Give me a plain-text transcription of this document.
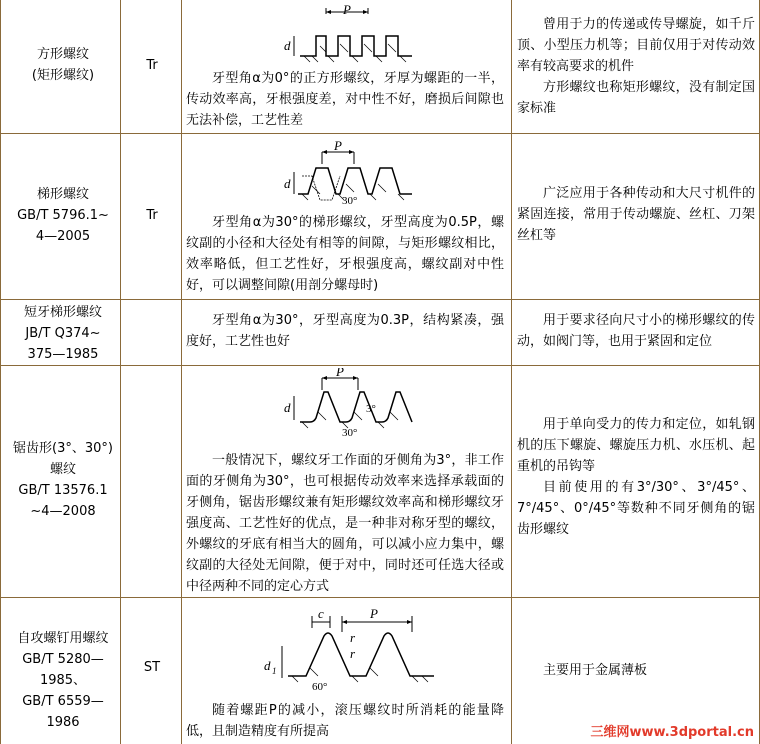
方形螺纹
(矩形螺纹)
Tr
P
d

牙型角α为0°的正方形螺纹，牙厚为螺距的一半，传动效率高，牙根强度差，对中性不好，磨损后间隙也无法补偿，工艺性差

曾用于力的传递或传导螺旋，如千斤顶、小型压力机等；目前仅用于对传动效率有较高要求的机件

方形螺纹也称矩形螺纹，没有制定国家标准

梯形螺纹
GB/T 5796.1~
4—2005
Tr
P
d
30°

牙型角α为30°的梯形螺纹，牙型高度为0.5P，螺纹副的小径和大径处有相等的间隙，与矩形螺纹相比，效率略低，但工艺性好，牙根强度高，螺纹副对中性好，可以调整间隙(用剖分螺母时)

广泛应用于各种传动和大尺寸机件的紧固连接，常用于传动螺旋、丝杠、刀架丝杠等

短牙梯形螺纹
JB/T Q374~
375—1985

牙型角α为30°，牙型高度为0.3P，结构紧凑，强度好，工艺性也好

用于要求径向尺寸小的梯形螺纹的传动，如阀门等，也用于紧固和定位

锯齿形(3°、30°)
螺纹
GB/T 13576.1
~4—2008
P
d	3°
30°

一般情况下，螺纹牙工作面的牙侧角为3°，非工作面的牙侧角为30°，也可根据传动效率来选择承载面的牙侧角，锯齿形螺纹兼有矩形螺纹效率高和梯形螺纹牙强度高、工艺性好的优点，是一种非对称牙型的螺纹，外螺纹的牙底有相当大的圆角，可以减小应力集中，螺纹副的大径处无间隙，便于对中，同时还可任选大径或中径两种不同的定心方式

用于单向受力的传力和定位，如轧钢机的压下螺旋、螺旋压力机、水压机、起重机的吊钩等

目前使用的有3°/30°、3°/45°、7°/45°、0°/45°等数种不同牙侧角的锯齿形螺纹

自攻螺钉用螺纹
GB/T 5280—
1985、
GB/T 6559—1986
ST
c	P
r
r
d 1
60°

随着螺距P的减小，滚压螺纹时所消耗的能量降低，且制造精度有所提高

主要用于金属薄板

三维网www.3dportal.cn
